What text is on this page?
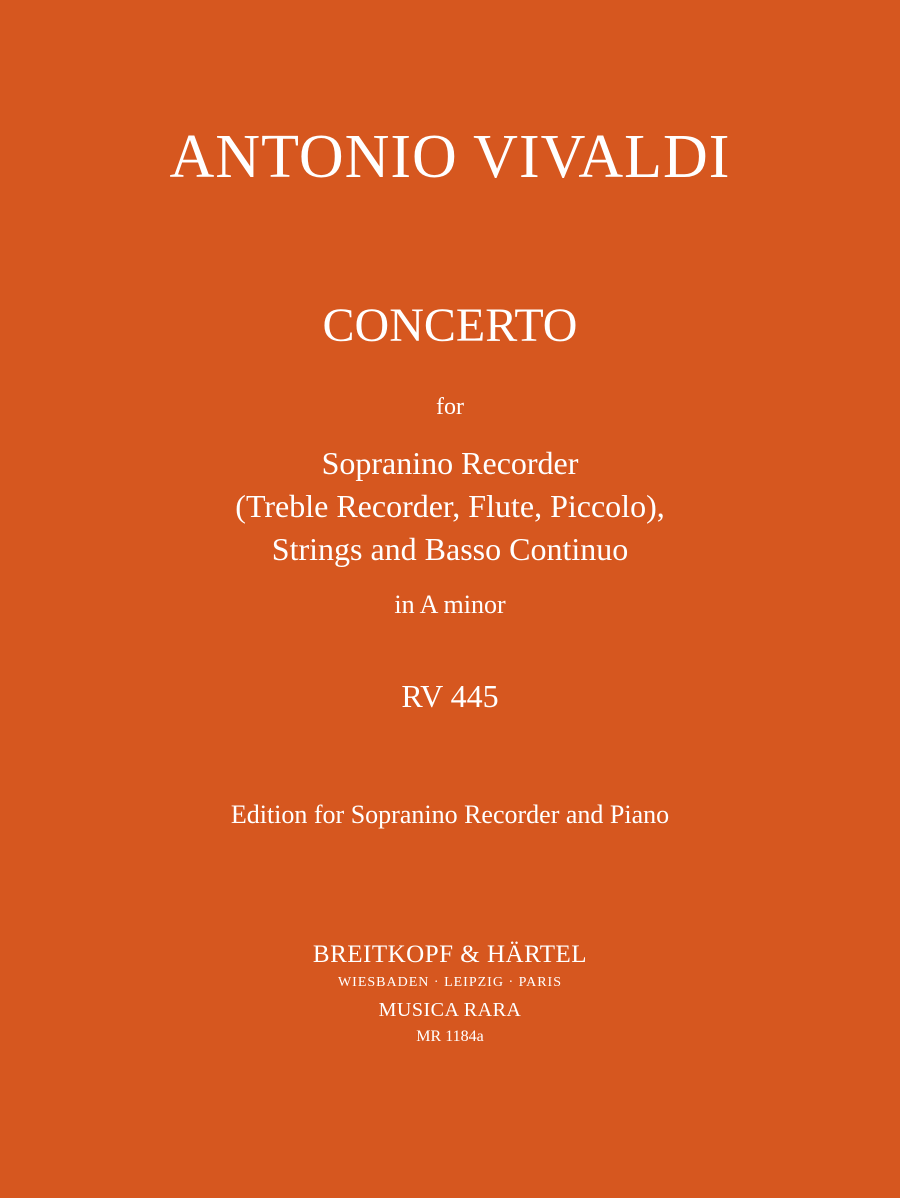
ANTONIO VIVALDI
CONCERTO
for
Sopranino Recorder
(Treble Recorder, Flute, Piccolo),
Strings and Basso Continuo
in A minor
RV 445
Edition for Sopranino Recorder and Piano
BREITKOPF & HÄRTEL
WIESBADEN · LEIPZIG · PARIS
MUSICA RARA
MR 1184a
